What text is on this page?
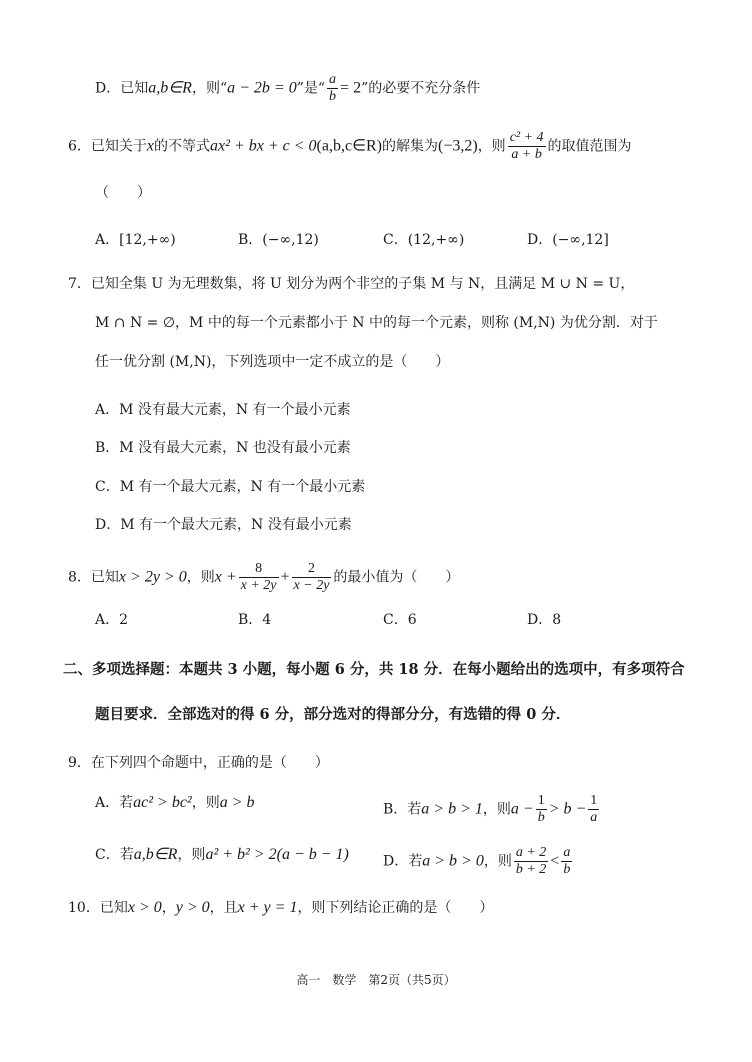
D．已知a,b∈R，则“a − 2b = 0”是“ $\frac{a}{b} = 2$”的必要不充分条件
6．已知关于x的不等式ax² + bx + c < 0(a,b,c∈R)的解集为(−3,2)，则 $\frac{\text{c² + 4}}{a + b}$ 的取值范围为
（　　）
A．[12,+∞)	B．(−∞,12)	C．(12,+∞)	D．(−∞,12]
7．已知全集 U 为无理数集，将 U 划分为两个非空的子集 M 与 N，且满足 M ∪ N = U，
M ∩ N = ∅，M 中的每一个元素都小于 N 中的每一个元素，则称 (M,N) 为优分割．对于
任一优分割 (M,N)，下列选项中一定不成立的是（　　）
A．M 没有最大元素，N 有一个最小元素
B．M 没有最大元素，N 也没有最小元素
C．M 有一个最大元素，N 有一个最小元素
D．M 有一个最大元素，N 没有最小元素
8．已知x > 2y > 0，则$x + \frac{8}{x + 2y} + \frac{2}{x - 2y}$ 的最小值为（　　）
A．2	B．4	C．6	D．8
二、多项选择题：本题共 3 小题，每小题 6 分，共 18 分．在每小题给出的选项中，有多项符合
题目要求．全部选对的得 6 分，部分选对的得部分分，有选错的得 0 分．
9．在下列四个命题中，正确的是（　　）
A．若ac² > bc²，则a > b	B．若a > b > 1，则$a - \frac{1}{b} > b - \frac{1}{a}$
C．若a,b∈R，则a² + b² > 2(a − b − 1) D．若a > b > 0，则 $\frac{a + 2}{b + 2} < \frac{a}{b}$
10．已知x > 0，y > 0，且x + y = 1，则下列结论正确的是（　　）
高一　数学　第2页（共5页）
